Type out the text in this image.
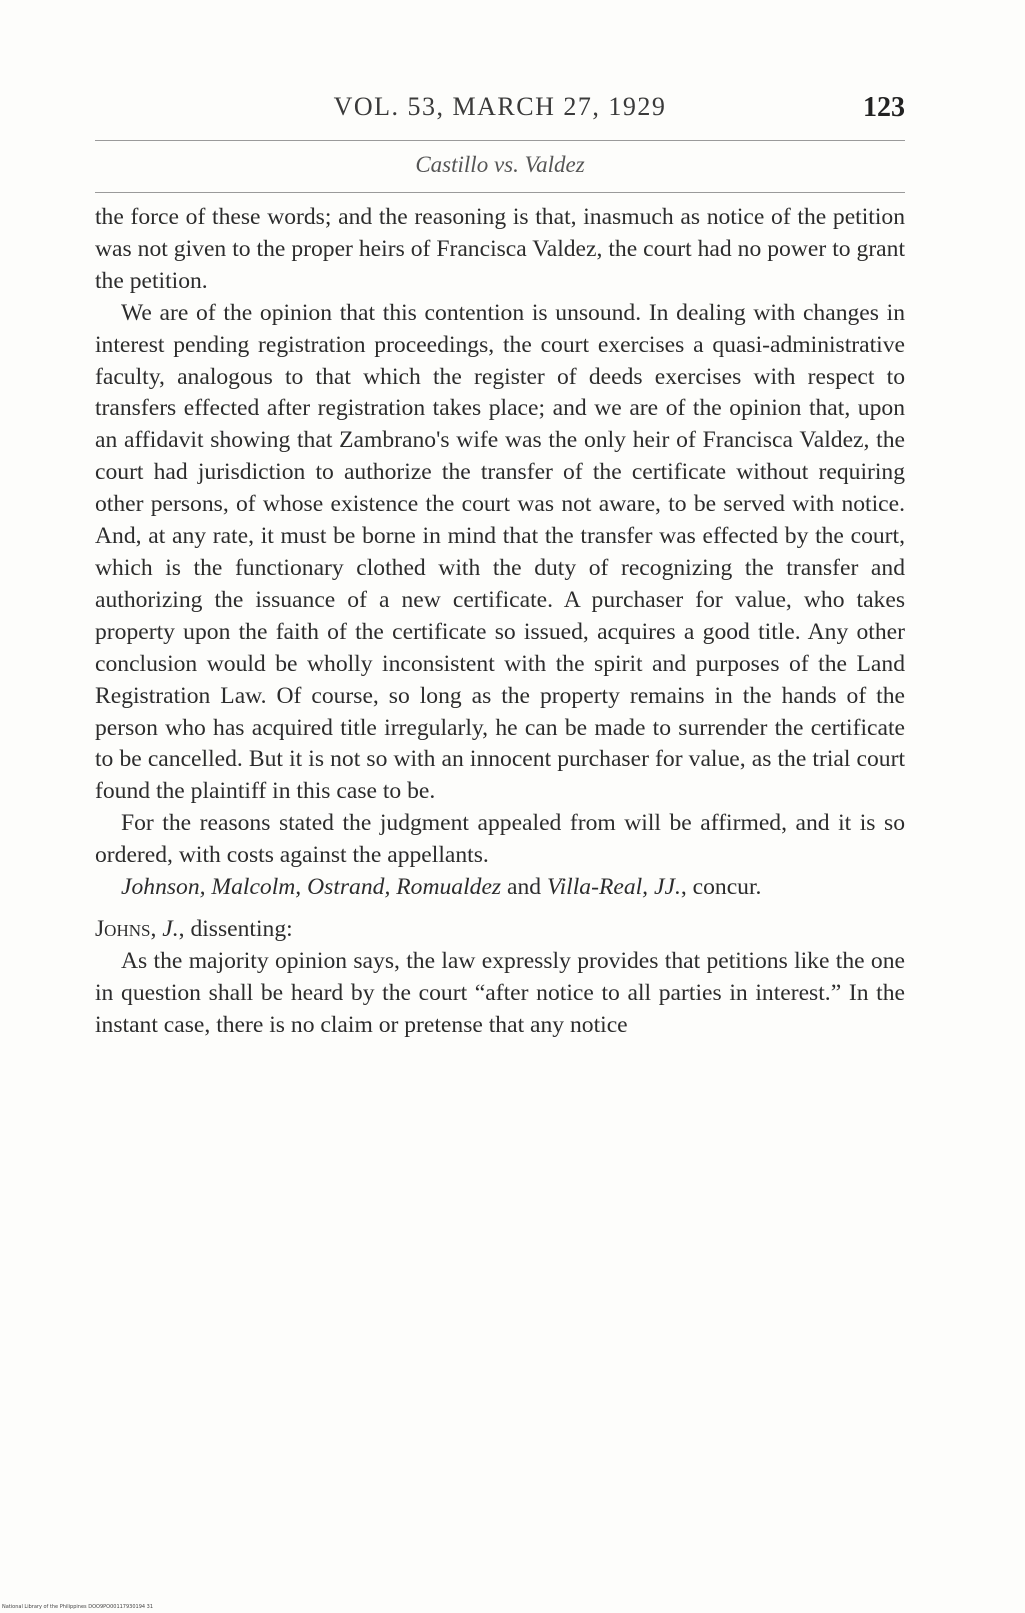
VOL. 53, MARCH 27, 1929	123
Castillo vs. Valdez

the force of these words; and the reasoning is that, inasmuch as notice of the petition was not given to the proper heirs of Francisca Valdez, the court had no power to grant the petition.

We are of the opinion that this contention is unsound. In dealing with changes in interest pending registration proceedings, the court exercises a quasi-administrative faculty, analogous to that which the register of deeds exercises with respect to transfers effected after registration takes place; and we are of the opinion that, upon an affidavit showing that Zambrano's wife was the only heir of Francisca Valdez, the court had jurisdiction to authorize the transfer of the certificate without requiring other persons, of whose existence the court was not aware, to be served with notice. And, at any rate, it must be borne in mind that the transfer was effected by the court, which is the functionary clothed with the duty of recognizing the transfer and authorizing the issuance of a new certificate. A purchaser for value, who takes property upon the faith of the certificate so issued, acquires a good title. Any other conclusion would be wholly inconsistent with the spirit and purposes of the Land Registration Law. Of course, so long as the property remains in the hands of the person who has acquired title irregularly, he can be made to surrender the certificate to be cancelled. But it is not so with an innocent purchaser for value, as the trial court found the plaintiff in this case to be.

For the reasons stated the judgment appealed from will be affirmed, and it is so ordered, with costs against the appellants.

Johnson, Malcolm, Ostrand, Romualdez and Villa-Real, JJ., concur.

Johns, J., dissenting:

As the majority opinion says, the law expressly provides that petitions like the one in question shall be heard by the court “after notice to all parties in interest.” In the instant case, there is no claim or pretense that any notice

National Library of the Philippines DOO9PO00117930194 31
